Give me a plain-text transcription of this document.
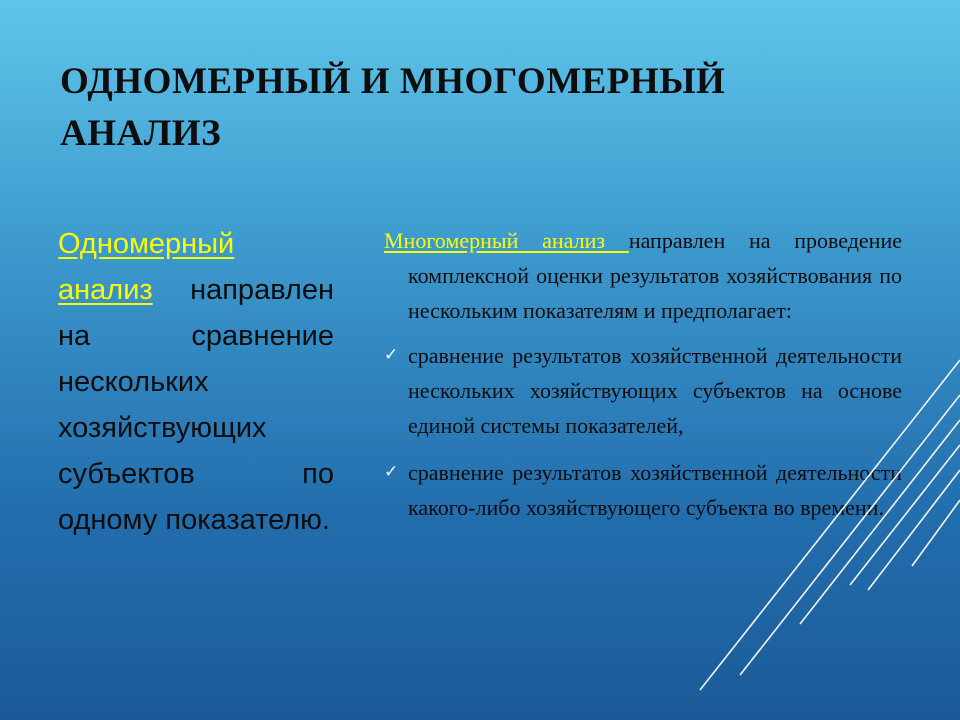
ОДНОМЕРНЫЙ И МНОГОМЕРНЫЙ АНАЛИЗ
Одномерный анализ направлен на сравнение нескольких хозяйствующих субъектов по одному показателю.

Многомерный анализ направлен на проведение комплексной оценки результатов хозяйствования по нескольким показателям и предполагает:

✓ сравнение результатов хозяйственной деятельности нескольких хозяйствующих субъектов на основе единой системы показателей,

✓ сравнение результатов хозяйственной деятельности какого-либо хозяйствующего субъекта во времени.
